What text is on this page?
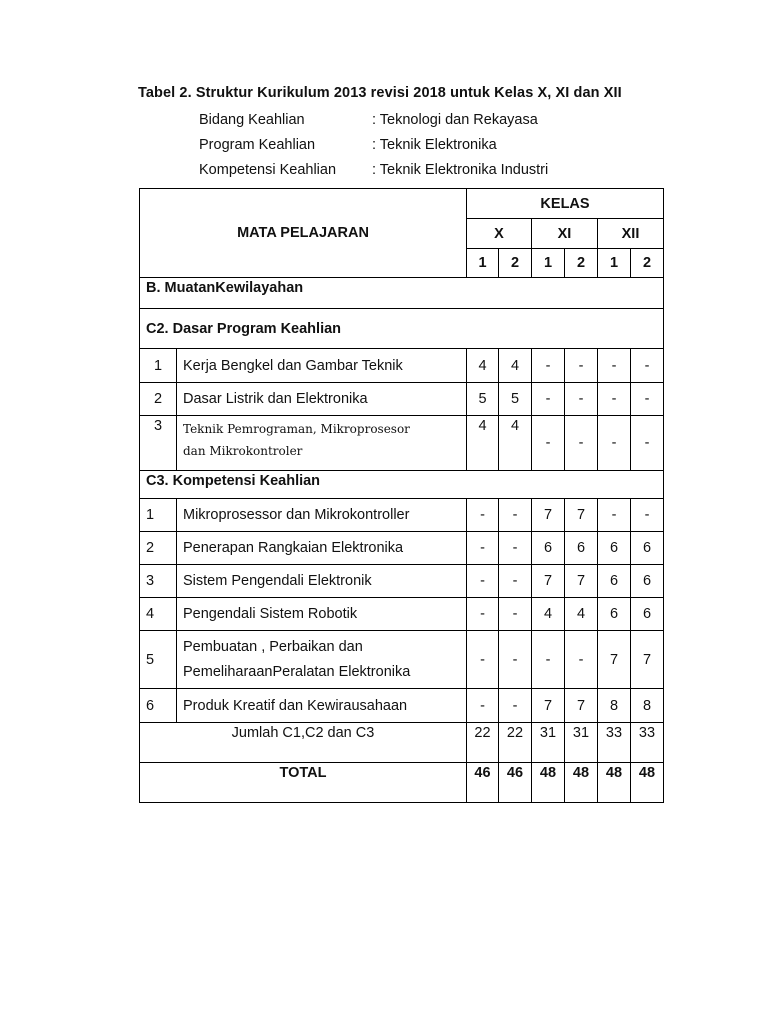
Tabel 2. Struktur Kurikulum 2013 revisi 2018 untuk Kelas X, XI dan XII
Bidang Keahlian	: Teknologi dan Rekayasa
Program Keahlian	: Teknik Elektronika
Kompetensi Keahlian : Teknik Elektronika Industri
MATA PELAJARAN		KELAS					
		X		XI		XII	
		1	2	1	2	1	2
B. MuatanKewilayahan							
C2. Dasar Program Keahlian							
1	Kerja Bengkel dan Gambar Teknik	4	4	-	-	-	-
2	Dasar Listrik dan Elektronika	5	5	-	-	-	-
3	Teknik Pemrograman, Mikroprosesor
dan Mikrokontroler	4	4	-	-	-	-
C3. Kompetensi Keahlian							
1	Mikroprosessor dan Mikrokontroller	-	-	7	7	-	-
2	Penerapan Rangkaian Elektronika	-	-	6	6	6	6
3	Sistem Pengendali Elektronik	-	-	7	7	6	6
4	Pengendali Sistem Robotik	-	-	4	4	6	6
5	Pembuatan , Perbaikan dan
PemeliharaanPeralatan Elektronika	-	-	-	-	7	7
6	Produk Kreatif dan Kewirausahaan	-	-	7	7	8	8
Jumlah C1,C2 dan C3		22	22	31	31	33	33
TOTAL		46	46	48	48	48	48
